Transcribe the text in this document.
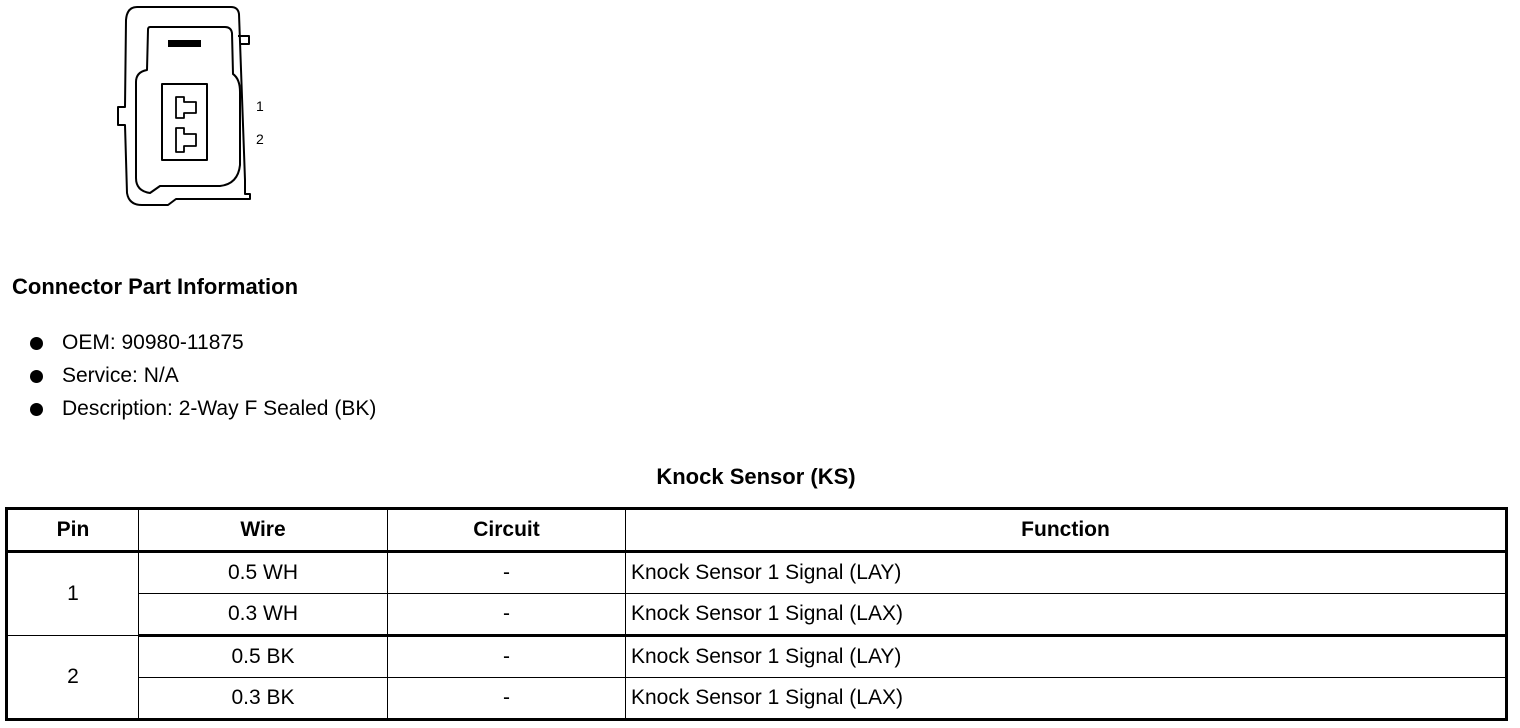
1
2
Connector Part Information
OEM: 90980-11875
Service: N/A
Description: 2-Way F Sealed (BK)
Knock Sensor (KS)
Pin	Wire	Circuit	Function
1	0.5 WH	-	Knock Sensor 1 Signal (LAY)
	0.3 WH	-	Knock Sensor 1 Signal (LAX)
2	0.5 BK	-	Knock Sensor 1 Signal (LAY)
	0.3 BK	-	Knock Sensor 1 Signal (LAX)
